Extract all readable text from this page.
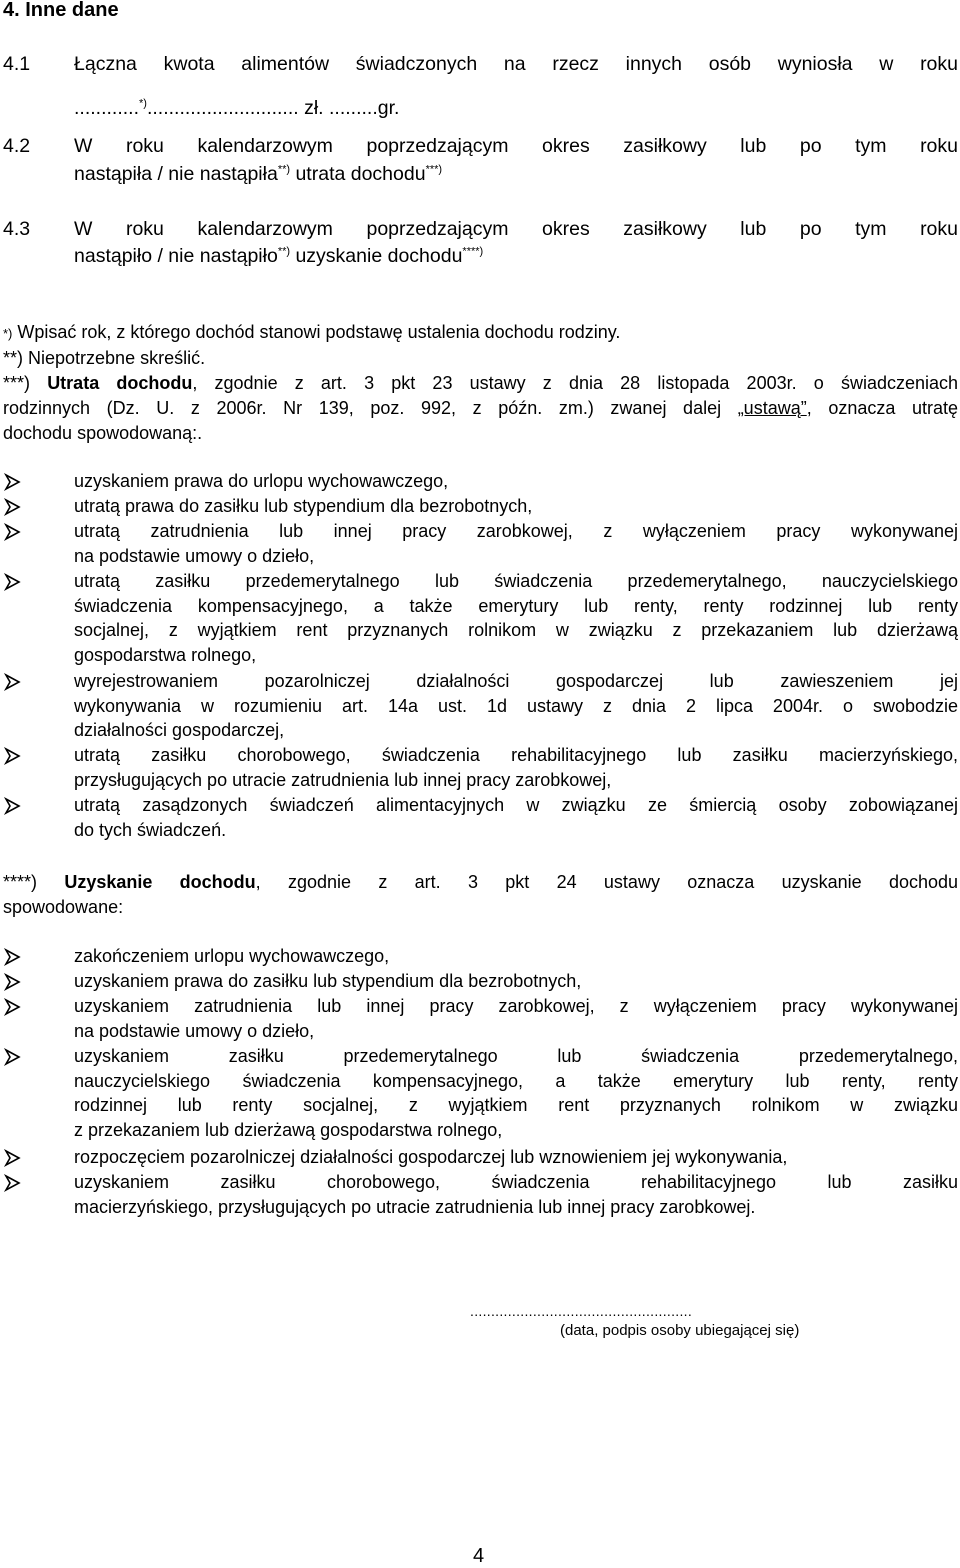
4. Inne dane
4.1 Łączna kwota alimentów świadczonych na rzecz innych osób wyniosła w roku
............*)............................ zł. .........gr.
4.2 W roku kalendarzowym poprzedzającym okres zasiłkowy lub po tym roku
nastąpiła / nie nastąpiła**) utrata dochodu***)
4.3 W roku kalendarzowym poprzedzającym okres zasiłkowy lub po tym roku
nastąpiło / nie nastąpiło**) uzyskanie dochodu****)
*) Wpisać rok, z którego dochód stanowi podstawę ustalenia dochodu rodziny.
**) Niepotrzebne skreślić.
***) Utrata dochodu, zgodnie z art. 3 pkt 23 ustawy z dnia 28 listopada 2003r. o świadczeniach
rodzinnych (Dz. U. z 2006r. Nr 139, poz. 992, z późn. zm.) zwanej dalej „ustawą”, oznacza utratę
dochodu spowodowaną:.
uzyskaniem prawa do urlopu wychowawczego,
utratą prawa do zasiłku lub stypendium dla bezrobotnych,
utratą zatrudnienia lub innej pracy zarobkowej, z wyłączeniem pracy wykonywanej
na podstawie umowy o dzieło,
utratą zasiłku przedemerytalnego lub świadczenia przedemerytalnego, nauczycielskiego
świadczenia kompensacyjnego, a także emerytury lub renty, renty rodzinnej lub renty
socjalnej, z wyjątkiem rent przyznanych rolnikom w związku z przekazaniem lub dzierżawą
gospodarstwa rolnego,
wyrejestrowaniem pozarolniczej działalności gospodarczej lub zawieszeniem jej
wykonywania w rozumieniu art. 14a ust. 1d ustawy z dnia 2 lipca 2004r. o swobodzie
działalności gospodarczej,
utratą zasiłku chorobowego, świadczenia rehabilitacyjnego lub zasiłku macierzyńskiego,
przysługujących po utracie zatrudnienia lub innej pracy zarobkowej,
utratą zasądzonych świadczeń alimentacyjnych w związku ze śmiercią osoby zobowiązanej
do tych świadczeń.
****) Uzyskanie dochodu, zgodnie z art. 3 pkt 24 ustawy oznacza uzyskanie dochodu
spowodowane:
zakończeniem urlopu wychowawczego,
uzyskaniem prawa do zasiłku lub stypendium dla bezrobotnych,
uzyskaniem zatrudnienia lub innej pracy zarobkowej, z wyłączeniem pracy wykonywanej
na podstawie umowy o dzieło,
uzyskaniem zasiłku przedemerytalnego lub świadczenia przedemerytalnego,
nauczycielskiego świadczenia kompensacyjnego, a także emerytury lub renty, renty
rodzinnej lub renty socjalnej, z wyjątkiem rent przyznanych rolnikom w związku
z przekazaniem lub dzierżawą gospodarstwa rolnego,
rozpoczęciem pozarolniczej działalności gospodarczej lub wznowieniem jej wykonywania,
uzyskaniem zasiłku chorobowego, świadczenia rehabilitacyjnego lub zasiłku
macierzyńskiego, przysługujących po utracie zatrudnienia lub innej pracy zarobkowej.
.....................................................
(data, podpis osoby ubiegającej się)
4
